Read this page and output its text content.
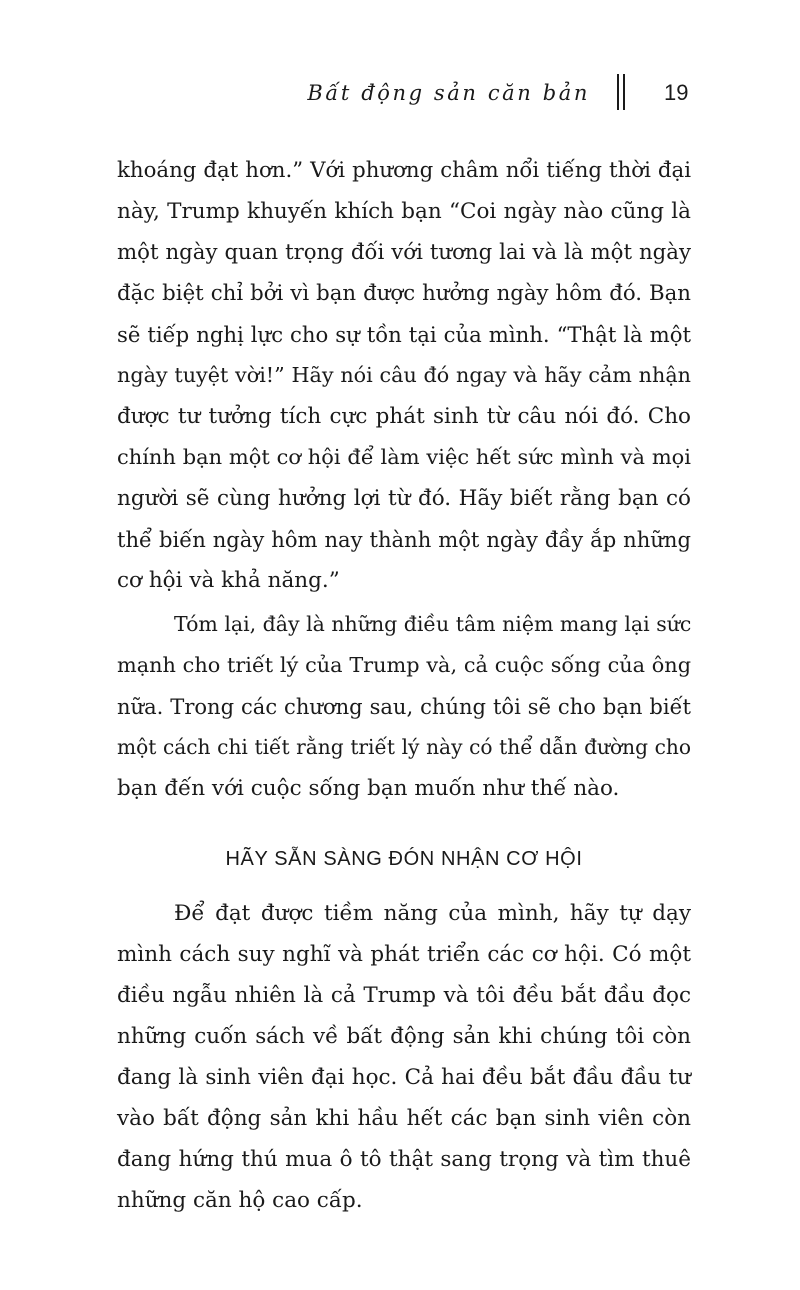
Bất động sản căn bản	19
khoáng đạt hơn.” Với phương châm nổi tiếng thời đại
này, Trump khuyến khích bạn “Coi ngày nào cũng là
một ngày quan trọng đối với tương lai và là một ngày
đặc biệt chỉ bởi vì bạn được hưởng ngày hôm đó. Bạn
sẽ tiếp nghị lực cho sự tồn tại của mình. “Thật là một
ngày tuyệt vời!” Hãy nói câu đó ngay và hãy cảm nhận
được tư tưởng tích cực phát sinh từ câu nói đó. Cho
chính bạn một cơ hội để làm việc hết sức mình và mọi
người sẽ cùng hưởng lợi từ đó. Hãy biết rằng bạn có
thể biến ngày hôm nay thành một ngày đầy ắp những
cơ hội và khả năng.”
Tóm lại, đây là những điều tâm niệm mang lại sức
mạnh cho triết lý của Trump và, cả cuộc sống của ông
nữa. Trong các chương sau, chúng tôi sẽ cho bạn biết
một cách chi tiết rằng triết lý này có thể dẫn đường cho
bạn đến với cuộc sống bạn muốn như thế nào.
HÃY SẴN SÀNG ĐÓN NHẬN CƠ HỘI
Để đạt được tiềm năng của mình, hãy tự dạy
mình cách suy nghĩ và phát triển các cơ hội. Có một
điều ngẫu nhiên là cả Trump và tôi đều bắt đầu đọc
những cuốn sách về bất động sản khi chúng tôi còn
đang là sinh viên đại học. Cả hai đều bắt đầu đầu tư
vào bất động sản khi hầu hết các bạn sinh viên còn
đang hứng thú mua ô tô thật sang trọng và tìm thuê
những căn hộ cao cấp.
